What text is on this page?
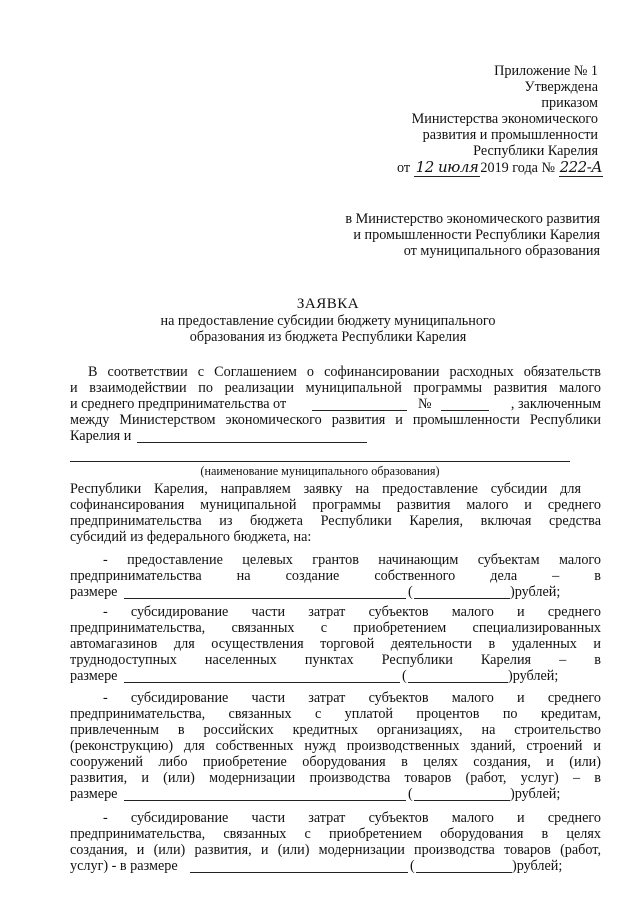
Приложение № 1
Утверждена
приказом
Министерства экономического
развития и промышленности
Республики Карелия
от 12 июля 2019 года № 222-А
в Министерство экономического развития
и промышленности Республики Карелия
от муниципального образования
ЗАЯВКА
на предоставление субсидии бюджету муниципального
образования из бюджета Республики Карелия
В соответствии с Соглашением о софинансировании расходных обязательств
и взаимодействии по реализации муниципальной программы развития малого
и среднего предпринимательства от	№	, заключенным
между Министерством экономического развития и промышленности Республики
Карелия и
(наименование муниципального образования)
Республики Карелия, направляем заявку на предоставление субсидии для
софинансирования муниципальной программы развития малого и среднего
предпринимательства из бюджета Республики Карелия, включая средства
субсидий из федерального бюджета, на:
- предоставление целевых грантов начинающим субъектам малого
предпринимательства на создание собственного дела – в
размере	(	)рублей;
- субсидирование части затрат субъектов малого и среднего
предпринимательства, связанных с приобретением специализированных
автомагазинов для осуществления торговой деятельности в удаленных и
труднодоступных населенных пунктах Республики Карелия – в
размере	(	)рублей;
- субсидирование части затрат субъектов малого и среднего
предпринимательства, связанных с уплатой процентов по кредитам,
привлеченным в российских кредитных организациях, на строительство
(реконструкцию) для собственных нужд производственных зданий, строений и
сооружений либо приобретение оборудования в целях создания, и (или)
развития, и (или) модернизации производства товаров (работ, услуг) – в
размере	(	)рублей;
- субсидирование части затрат субъектов малого и среднего
предпринимательства, связанных с приобретением оборудования в целях
создания, и (или) развития, и (или) модернизации производства товаров (работ,
услуг) - в размере	(	)рублей;
